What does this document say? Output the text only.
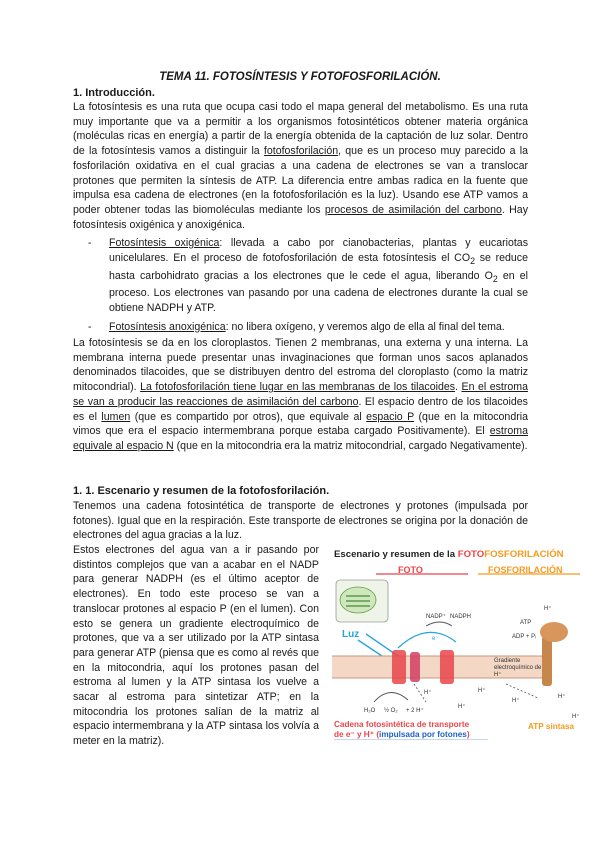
TEMA 11. FOTOSÍNTESIS Y FOTOFOSFORILACIÓN.
1. Introducción.

La fotosíntesis es una ruta que ocupa casi todo el mapa general del metabolismo. Es una ruta muy importante que va a permitir a los organismos fotosintéticos obtener materia orgánica (moléculas ricas en energía) a partir de la energía obtenida de la captación de luz solar. Dentro de la fotosíntesis vamos a distinguir la fotofosforilación, que es un proceso muy parecido a la fosforilación oxidativa en el cual gracias a una cadena de electrones se van a translocar protones que permiten la síntesis de ATP. La diferencia entre ambas radica en la fuente que impulsa esa cadena de electrones (en la fotofosforilación es la luz). Usando ese ATP vamos a poder obtener todas las biomoléculas mediante los procesos de asimilación del carbono. Hay fotosíntesis oxigénica y anoxigénica.

- Fotosíntesis oxigénica: llevada a cabo por cianobacterias, plantas y eucariotas unicelulares. En el proceso de fotofosforilación de esta fotosíntesis el $CO_2$ se reduce hasta carbohidrato gracias a los electrones que le cede el agua, liberando $O_2$ en el proceso. Los electrones van pasando por una cadena de electrones durante la cual se obtiene NADPH y ATP.
- Fotosíntesis anoxigénica: no libera oxígeno, y veremos algo de ella al final del tema.

La fotosíntesis se da en los cloroplastos. Tienen 2 membranas, una externa y una interna. La membrana interna puede presentar unas invaginaciones que forman unos sacos aplanados denominados tilacoides, que se distribuyen dentro del estroma del cloroplasto (como la matriz mitocondrial). La fotofosforilación tiene lugar en las membranas de los tilacoides. En el estroma se van a producir las reacciones de asimilación del carbono. El espacio dentro de los tilacoides es el lumen (que es compartido por otros), que equivale al espacio P (que en la mitocondria vimos que era el espacio intermembrana porque estaba cargado Positivamente). El estroma equivale al espacio N (que en la mitocondria era la matriz mitocondrial, cargado Negativamente).

1. 1. Escenario y resumen de la fotofosforilación.

Tenemos una cadena fotosintética de transporte de electrones y protones (impulsada por fotones). Igual que en la respiración. Este transporte de electrones se origina por la donación de electrones del agua gracias a la luz.

Estos electrones del agua van a ir pasando por distintos complejos que van a acabar en el NADP para generar NADPH (es el último aceptor de electrones). En todo este proceso se van a translocar protones al espacio P (en el lumen). Con esto se genera un gradiente electroquímico de protones, que va a ser utilizado por la ATP sintasa para generar ATP (piensa que es como al revés que en la mitocondria, aquí los protones pasan del estroma al lumen y la ATP sintasa los vuelve a sacar al estroma para sintetizar ATP; en la mitocondria los protones salían de la matriz al espacio intermembrana y la ATP sintasa los volvía a meter en la matriz).

Escenario y resumen de la FOTOFOSFORILACIÓN
FOTO	FOSFORILACIÓN
Luz
NADP⁺ NADPH
e⁻
ATP
ADP + Pᵢ
H⁺
Gradiente electroquímico de H⁺
H⁺	H⁺
H⁺
H⁺
H⁺
H⁺
H₂O ½ O₂ + 2 H⁺
Cadena fotosintética de transporte
de e⁻ y H⁺ (impulsada por fotones)
ATP sintasa
